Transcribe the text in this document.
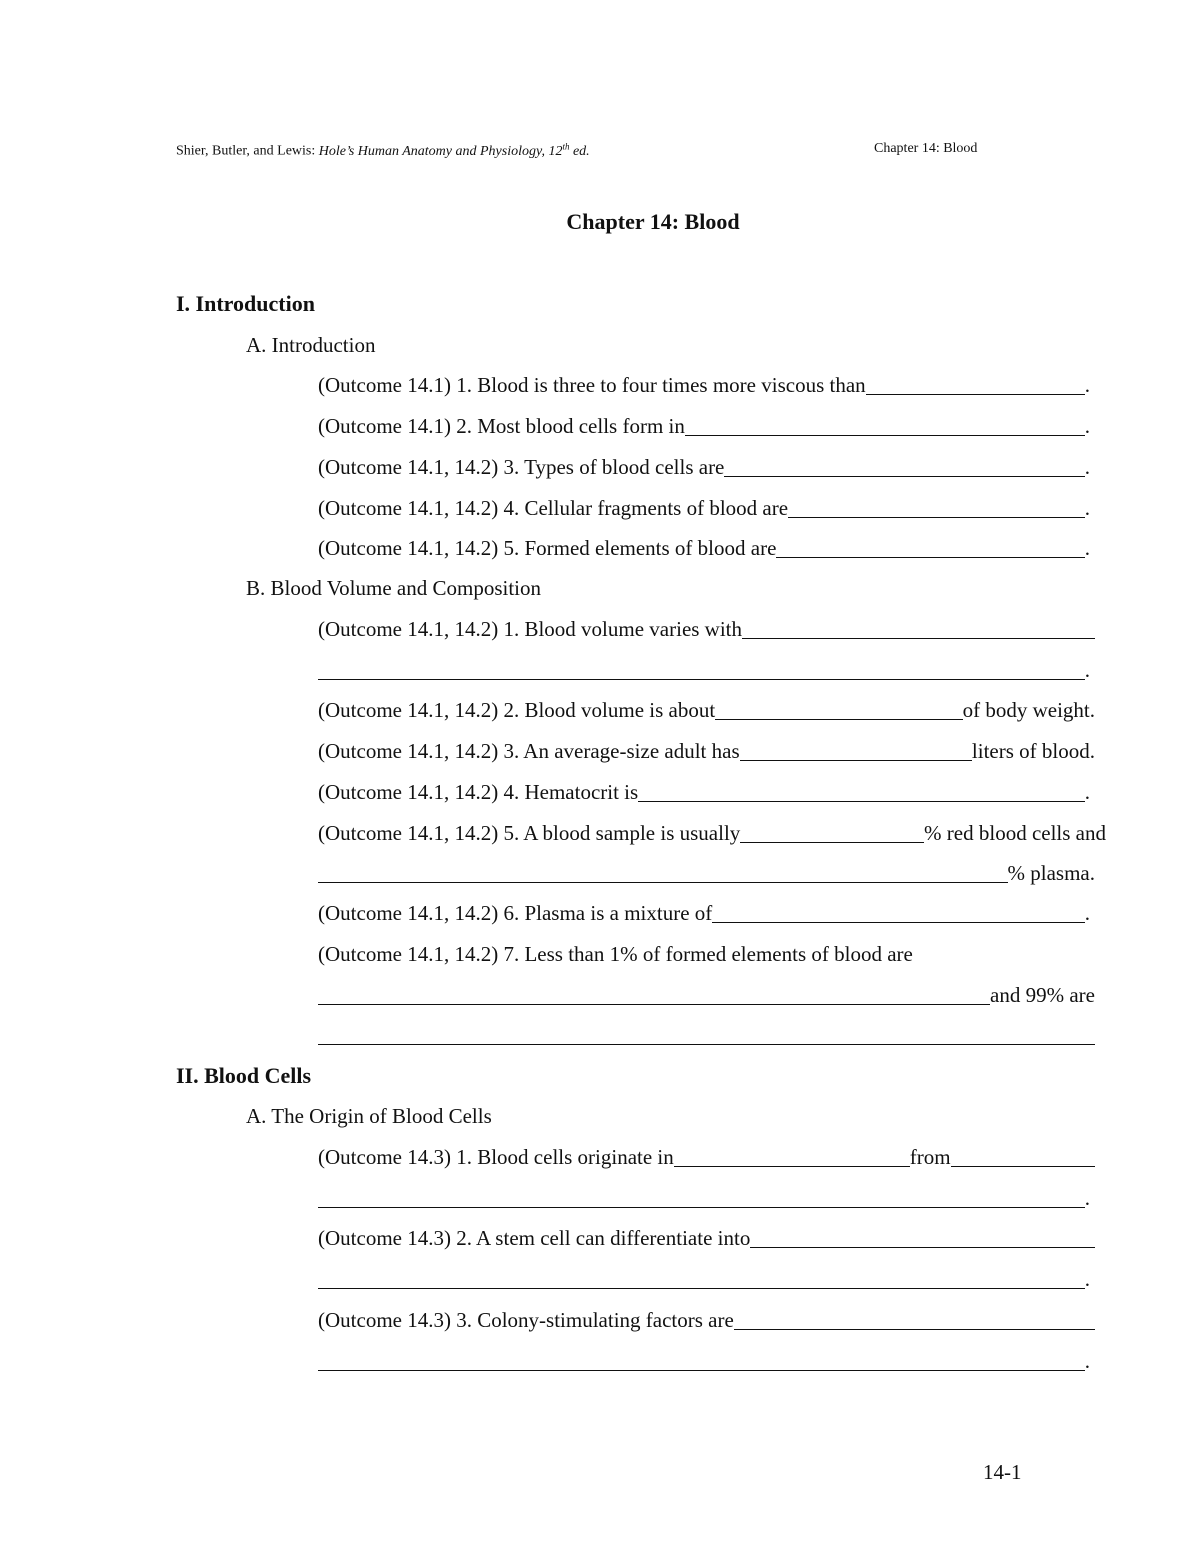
Shier, Butler, and Lewis: Hole’s Human Anatomy and Physiology, 12th ed.	Chapter 14: Blood
Chapter 14: Blood
I. Introduction
A. Introduction
(Outcome 14.1) 1. Blood is three to four times more viscous than	.
(Outcome 14.1) 2. Most blood cells form in	.
(Outcome 14.1, 14.2) 3. Types of blood cells are	.
(Outcome 14.1, 14.2) 4. Cellular fragments of blood are	.
(Outcome 14.1, 14.2) 5. Formed elements of blood are	.
B. Blood Volume and Composition
(Outcome 14.1, 14.2) 1. Blood volume varies with
.
(Outcome 14.1, 14.2) 2. Blood volume is about	of body weight.
(Outcome 14.1, 14.2) 3. An average-size adult has	liters of blood.
(Outcome 14.1, 14.2) 4. Hematocrit is	.
(Outcome 14.1, 14.2) 5. A blood sample is usually	% red blood cells and
% plasma.
(Outcome 14.1, 14.2) 6. Plasma is a mixture of	.
(Outcome 14.1, 14.2) 7. Less than 1% of formed elements of blood are
and 99% are
II. Blood Cells
A. The Origin of Blood Cells
(Outcome 14.3) 1. Blood cells originate in	from
.
(Outcome 14.3) 2. A stem cell can differentiate into
.
(Outcome 14.3) 3. Colony-stimulating factors are
.
14-1
